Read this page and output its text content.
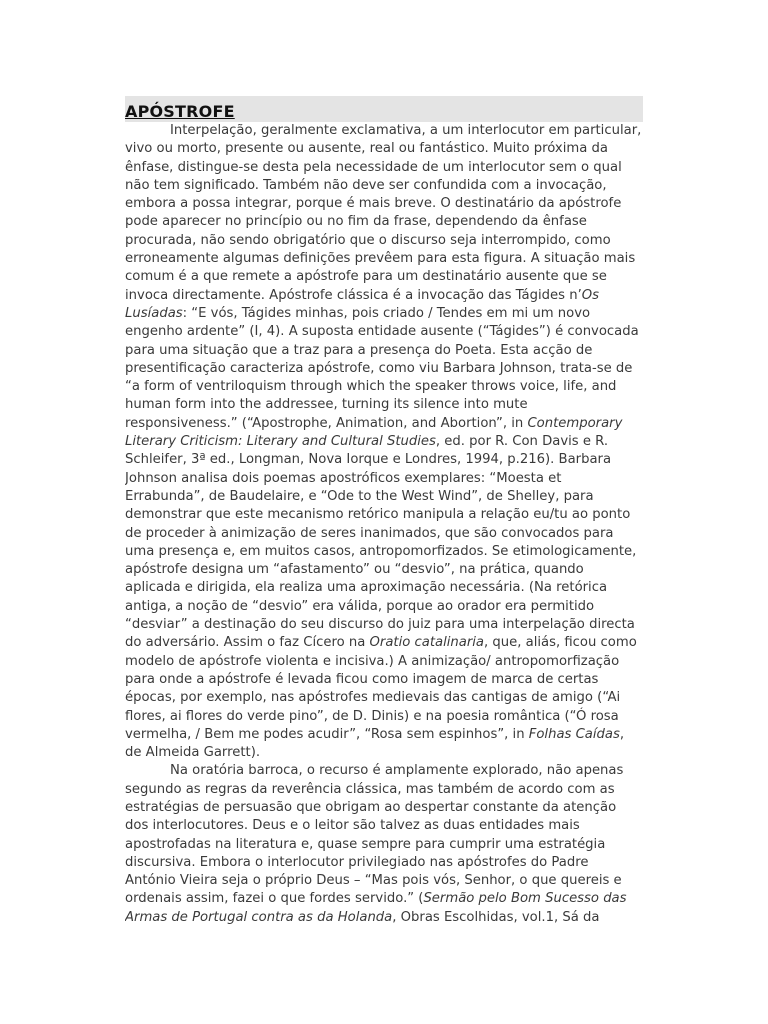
APÓSTROFE

Interpelação, geralmente exclamativa, a um interlocutor em particular, vivo ou morto, presente ou ausente, real ou fantástico. Muito próxima da ênfase, distingue-se desta pela necessidade de um interlocutor sem o qual não tem significado. Também não deve ser confundida com a invocação, embora a possa integrar, porque é mais breve. O destinatário da apóstrofe pode aparecer no princípio ou no fim da frase, dependendo da ênfase procurada, não sendo obrigatório que o discurso seja interrompido, como erroneamente algumas definições prevêem para esta figura. A situação mais comum é a que remete a apóstrofe para um destinatário ausente que se invoca directamente. Apóstrofe clássica é a invocação das Tágides n’Os Lusíadas: “E vós, Tágides minhas, pois criado / Tendes em mi um novo engenho ardente” (I, 4). A suposta entidade ausente (“Tágides”) é convocada para uma situação que a traz para a presença do Poeta. Esta acção de presentificação caracteriza apóstrofe, como viu Barbara Johnson, trata-se de “a form of ventriloquism through which the speaker throws voice, life, and human form into the addressee, turning its silence into mute responsiveness.” (“Apostrophe, Animation, and Abortion”, in Contemporary Literary Criticism: Literary and Cultural Studies, ed. por R. Con Davis e R. Schleifer, 3ª ed., Longman, Nova Iorque e Londres, 1994, p.216). Barbara Johnson analisa dois poemas apostróficos exemplares: “Moesta et Errabunda”, de Baudelaire, e “Ode to the West Wind”, de Shelley, para demonstrar que este mecanismo retórico manipula a relação eu/tu ao ponto de proceder à animização de seres inanimados, que são convocados para uma presença e, em muitos casos, antropomorfizados. Se etimologicamente, apóstrofe designa um “afastamento” ou “desvio”, na prática, quando aplicada e dirigida, ela realiza uma aproximação necessária. (Na retórica antiga, a noção de “desvio” era válida, porque ao orador era permitido “desviar” a destinação do seu discurso do juiz para uma interpelação directa do adversário. Assim o faz Cícero na Oratio catalinaria, que, aliás, ficou como modelo de apóstrofe violenta e incisiva.) A animização/ antropomorfização para onde a apóstrofe é levada ficou como imagem de marca de certas épocas, por exemplo, nas apóstrofes medievais das cantigas de amigo (“Ai flores, ai flores do verde pino”, de D. Dinis) e na poesia romântica (“Ó rosa vermelha, / Bem me podes acudir”, “Rosa sem espinhos”, in Folhas Caídas, de Almeida Garrett).

Na oratória barroca, o recurso é amplamente explorado, não apenas segundo as regras da reverência clássica, mas também de acordo com as estratégias de persuasão que obrigam ao despertar constante da atenção dos interlocutores. Deus e o leitor são talvez as duas entidades mais apostrofadas na literatura e, quase sempre para cumprir uma estratégia discursiva. Embora o interlocutor privilegiado nas apóstrofes do Padre António Vieira seja o próprio Deus – “Mas pois vós, Senhor, o que quereis e ordenais assim, fazei o que fordes servido.” (Sermão pelo Bom Sucesso das Armas de Portugal contra as da Holanda, Obras Escolhidas, vol.1, Sá da
